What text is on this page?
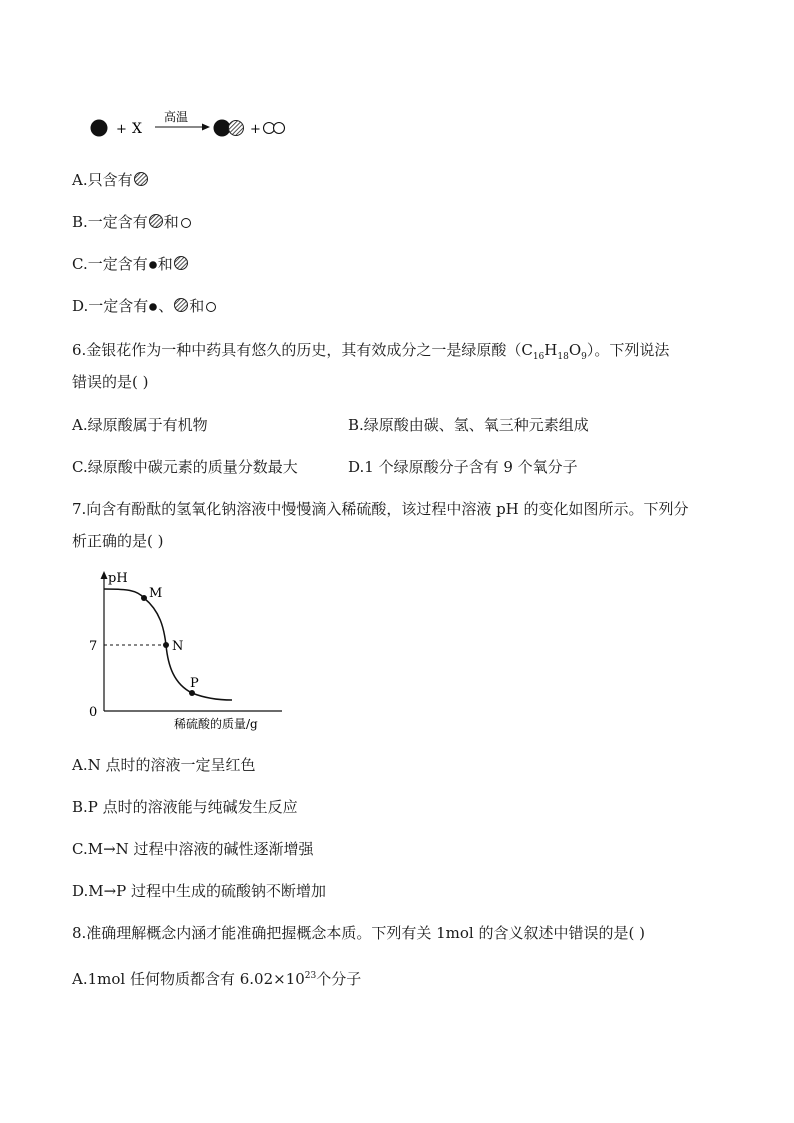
+ X
高温
+
A.只含有
B.一定含有 和
C.一定含有 和
D.一定含有 、 和
6.金银花作为一种中药具有悠久的历史，其有效成分之一是绿原酸$(C_{16}H_{18}O_9)$。下列说法
错误的是( )
A.绿原酸属于有机物	B.绿原酸由碳、氢、氧三种元素组成
C.绿原酸中碳元素的质量分数最大	D.1 个绿原酸分子含有 9 个氧分子
7.向含有酚酞的氢氧化钠溶液中慢慢滴入稀硫酸，该过程中溶液 pH 的变化如图所示。下列分
析正确的是( )
pH
0
7
M
N
P
稀硫酸的质量/g
A.N 点时的溶液一定呈红色
B.P 点时的溶液能与纯碱发生反应
C.M→N 过程中溶液的碱性逐渐增强
D.M→P 过程中生成的硫酸钠不断增加
8.准确理解概念内涵才能准确把握概念本质。下列有关 1mol 的含义叙述中错误的是( )
A.1mol 任何物质都含有 $6.02\times 10^{23}$个分子
